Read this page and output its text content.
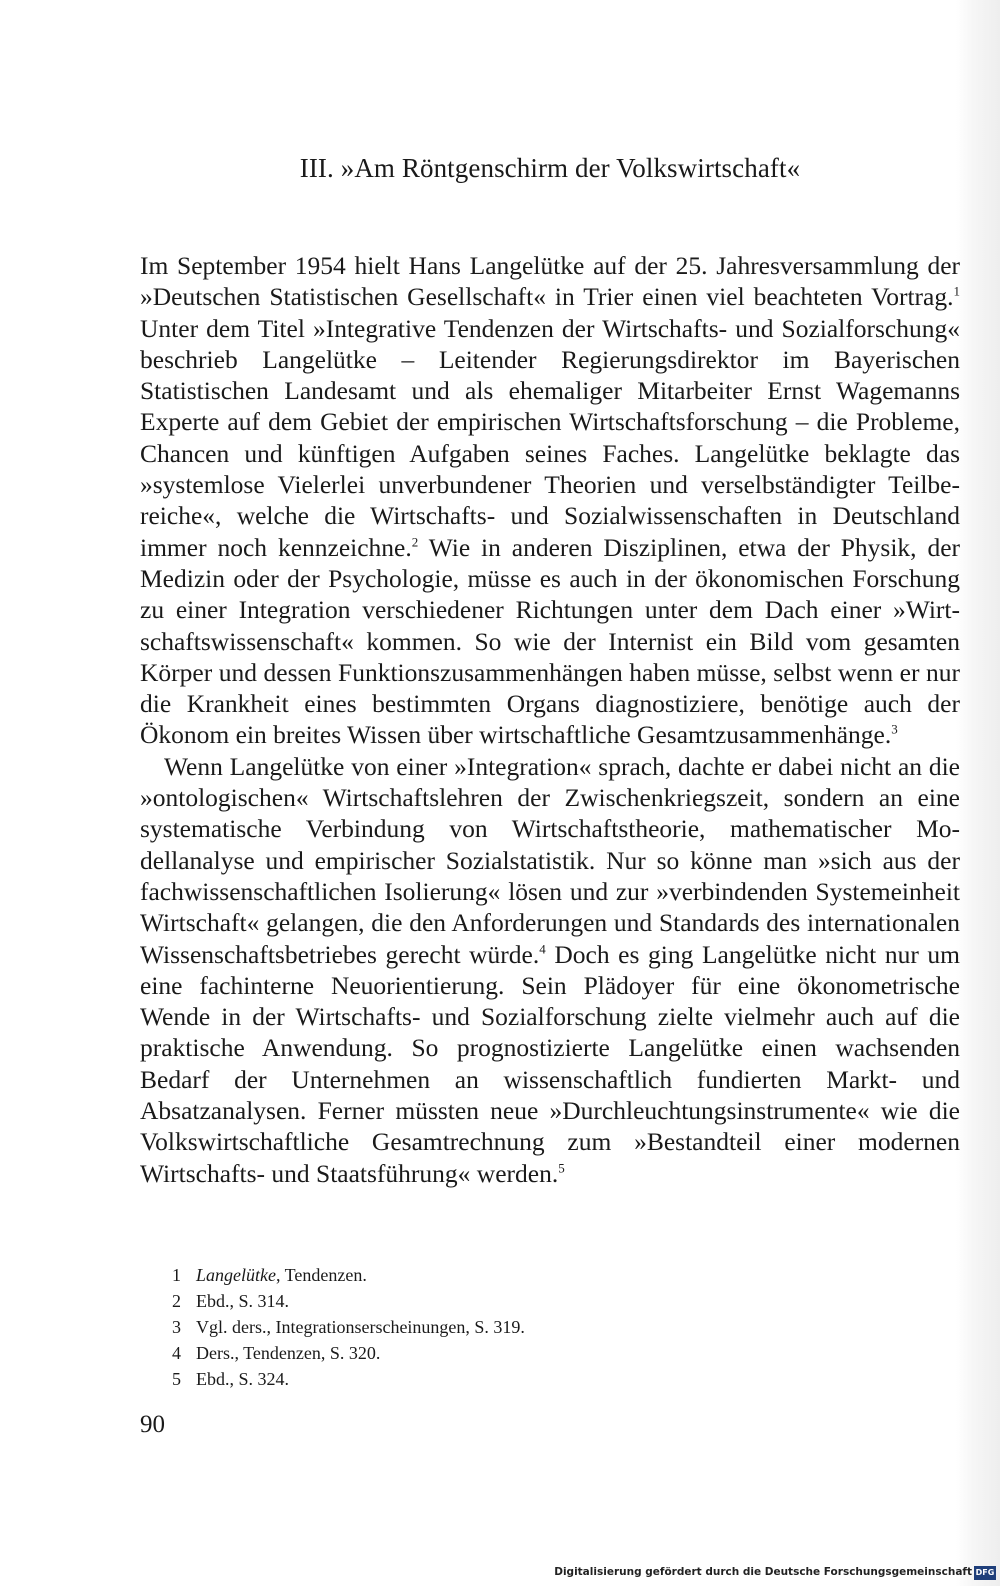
III. »Am Röntgenschirm der Volkswirtschaft«

Im September 1954 hielt Hans Langelütke auf der 25. Jahresversammlung der »Deutschen Statistischen Gesellschaft« in Trier einen viel beachteten Vortrag.$^1$ Unter dem Titel »Integrative Tendenzen der Wirtschafts- und Sozialforschung« beschrieb Langelütke – Leitender Regierungsdirektor im Bayerischen Statistischen Landesamt und als ehemaliger Mitarbeiter Ernst Wagemanns Experte auf dem Gebiet der empirischen Wirtschaftsforschung – die Probleme, Chancen und künftigen Aufgaben seines Faches. Langelütke beklagte das »systemlose Vielerlei unverbundener Theorien und verselbständigter Teilbereiche«, welche die Wirtschafts- und Sozialwissenschaften in Deutschland immer noch kennzeichne.$^2$ Wie in anderen Disziplinen, etwa der Physik, der Medizin oder der Psychologie, müsse es auch in der ökonomischen Forschung zu einer Integration verschiedener Richtungen unter dem Dach einer »Wirtschaftswissenschaft« kommen. So wie der Internist ein Bild vom gesamten Körper und dessen Funktionszusammenhängen haben müsse, selbst wenn er nur die Krankheit eines bestimmten Organs diagnostiziere, benötige auch der Ökonom ein breites Wissen über wirtschaftliche Gesamtzusammenhänge.$^3$

Wenn Langelütke von einer »Integration« sprach, dachte er dabei nicht an die »ontologischen« Wirtschaftslehren der Zwischenkriegszeit, sondern an eine systematische Verbindung von Wirtschaftstheorie, mathematischer Modellanalyse und empirischer Sozialstatistik. Nur so könne man »sich aus der fachwissenschaftlichen Isolierung« lösen und zur »verbindenden Systemeinheit Wirtschaft« gelangen, die den Anforderungen und Standards des internationalen Wissenschaftsbetriebes gerecht würde.$^4$ Doch es ging Langelütke nicht nur um eine fachinterne Neuorientierung. Sein Plädoyer für eine ökonometrische Wende in der Wirtschafts- und Sozialforschung zielte vielmehr auch auf die praktische Anwendung. So prognostizierte Langelütke einen wachsenden Bedarf der Unternehmen an wissenschaftlich fundierten Markt- und Absatzanalysen. Ferner müssten neue »Durchleuchtungsinstrumente« wie die Volkswirtschaftliche Gesamtrechnung zum »Bestandteil einer modernen Wirtschafts- und Staatsführung« werden.$^5$

1 Langelütke, Tendenzen.
2 Ebd., S. 314.
3 Vgl. ders., Integrationserscheinungen, S. 319.
4 Ders., Tendenzen, S. 320.
5 Ebd., S. 324.
90
Digitalisierung gefördert durch die Deutsche Forschungsgemeinschaft DFG
